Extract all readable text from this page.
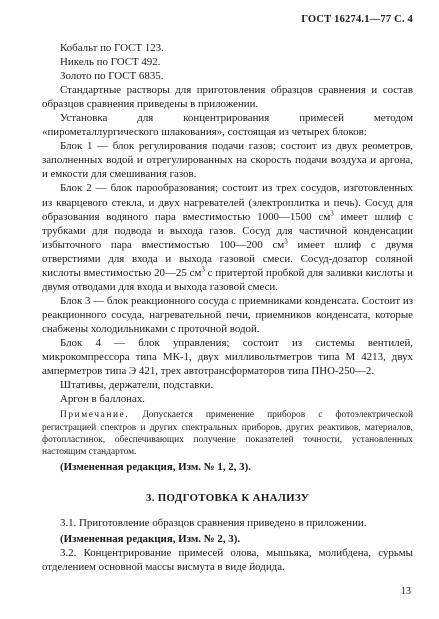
ГОСТ 16274.1—77 С. 4

Кобальт по ГОСТ 123.

Никель по ГОСТ 492.

Золото по ГОСТ 6835.

Стандартные растворы для приготовления образцов сравнения и состав образцов сравнения приведены в приложении.

Установка для концентрирования примесей методом «пирометаллургического шлакования», состоящая из четырех блоков:

Блок 1 — блок регулирования подачи газов; состоит из двух реометров, заполненных водой и отрегулированных на скорость подачи воздуха и аргона, и емкости для смешивания газов.

Блок 2 — блок парообразования; состоит из трех сосудов, изготовленных из кварцевого стекла, и двух нагревателей (электроплитка и печь). Сосуд для образования водяного пара вместимостью 1000—1500 $см^3$ имеет шлиф с трубками для подвода и выхода газов. Сосуд для частичной конденсации избыточного пара вместимостью 100—200 $см^3$ имеет шлиф с двумя отверстиями для входа и выхода газовой смеси. Сосуд-дозатор соляной кислоты вместимостью 20—25 $см^3$ с притертой пробкой для заливки кислоты и двумя отводами для входа и выхода газовой смеси.

Блок 3 — блок реакционного сосуда с приемниками конденсата. Состоит из реакционного сосуда, нагревательной печи, приемников конденсата, которые снабжены холодильниками с проточной водой.

Блок 4 — блок управления; состоит из системы вентилей, микрокомпрессора типа МК-1, двух милливольтметров типа М 4213, двух амперметров типа Э 421, трех автотрансформаторов типа ПНО-250—2.

Штативы, держатели, подставки.

Аргон в баллонах.

Примечание. Допускается применение приборов с фотоэлектрической регистрацией спектров и других спектральных приборов, других реактивов, материалов, фотопластинок, обеспечивающих получение показателей точности, установленных настоящим стандартом.

(Измененная редакция, Изм. № 1, 2, 3).

3. ПОДГОТОВКА К АНАЛИЗУ

3.1. Приготовление образцов сравнения приведено в приложении.

(Измененная редакция, Изм. № 2, 3).

3.2. Концентрирование примесей олова, мышьяка, молибдена, сурьмы отделением основной массы висмута в виде йодида.

13
